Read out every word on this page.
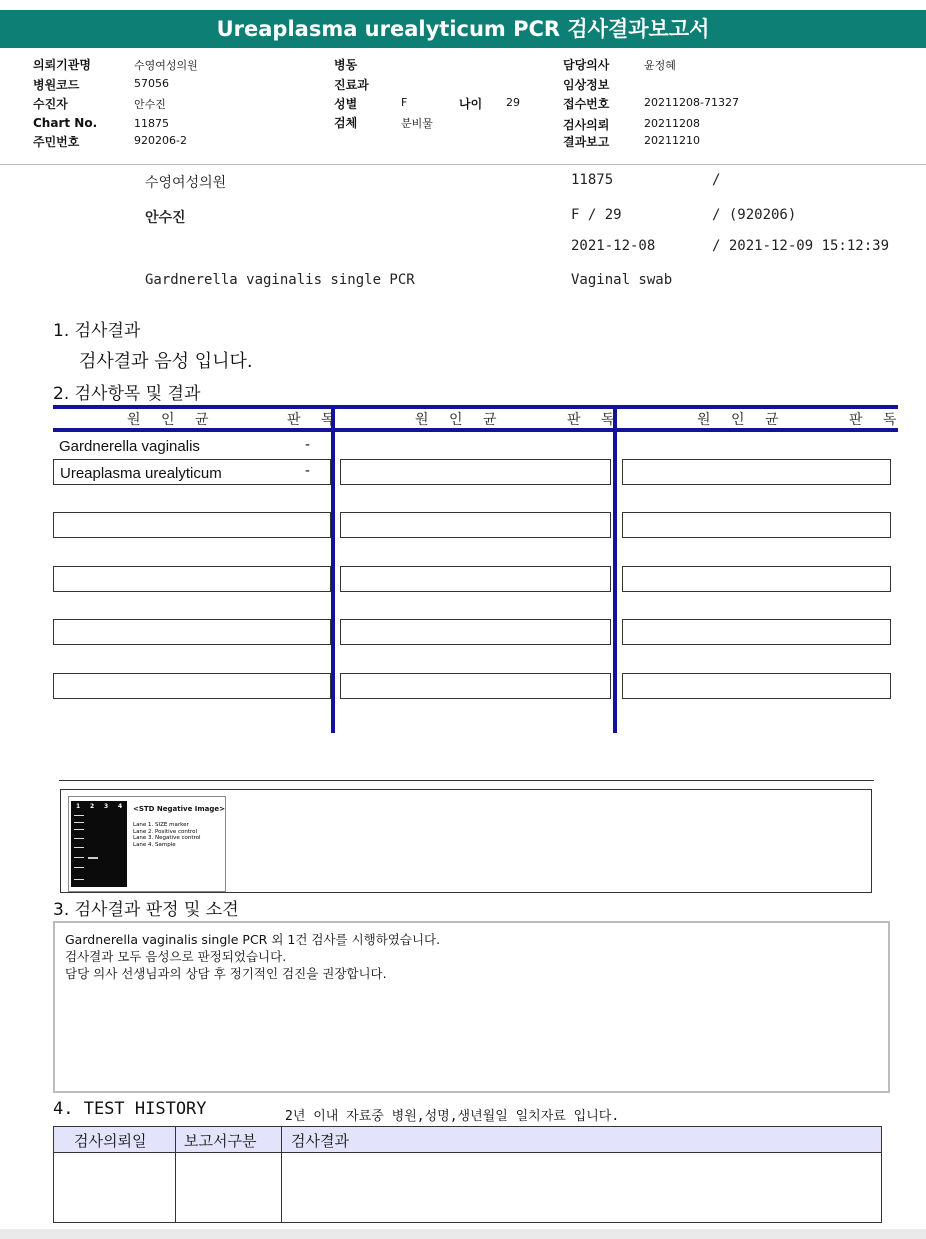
Ureaplasma urealyticum PCR 검사결과보고서
의뢰기관명	수영여성의원
병원코드	57056
수진자	안수진
Chart No.	11875
주민번호	920206-2
병동
진료과
성별	F	나이 29
검체	분비물
담당의사	윤정혜
임상정보
접수번호	20211208-71327
검사의뢰	20211208
결과보고	20211210
수영여성의원	11875	/
안수진	F / 29	/ (920206)
2021-12-08	/ 2021-12-09 15:12:39
Gardnerella vaginalis single PCR	Vaginal swab
1. 검사결과
검사결과 음성 입니다.
2. 검사항목 및 결과
원 인 균	판 독	원 인 균	판 독	원 인 균	판 독
Gardnerella vaginalis	-
Ureaplasma urealyticum	-
1 2 3 4 <STD Negative Image>
Lane 1. SIZE marker
Lane 2. Positive control
Lane 3. Negative control
Lane 4. Sample
3. 검사결과 판정 및 소견
Gardnerella vaginalis single PCR 외 1건 검사를 시행하였습니다.
검사결과 모두 음성으로 판정되었습니다.
담당 의사 선생님과의 상담 후 정기적인 검진을 권장합니다.
4. TEST HISTORY	2년 이내 자료중 병원,성명,생년월일 일치자료 입니다.
검사의뢰일	보고서구분 검사결과
